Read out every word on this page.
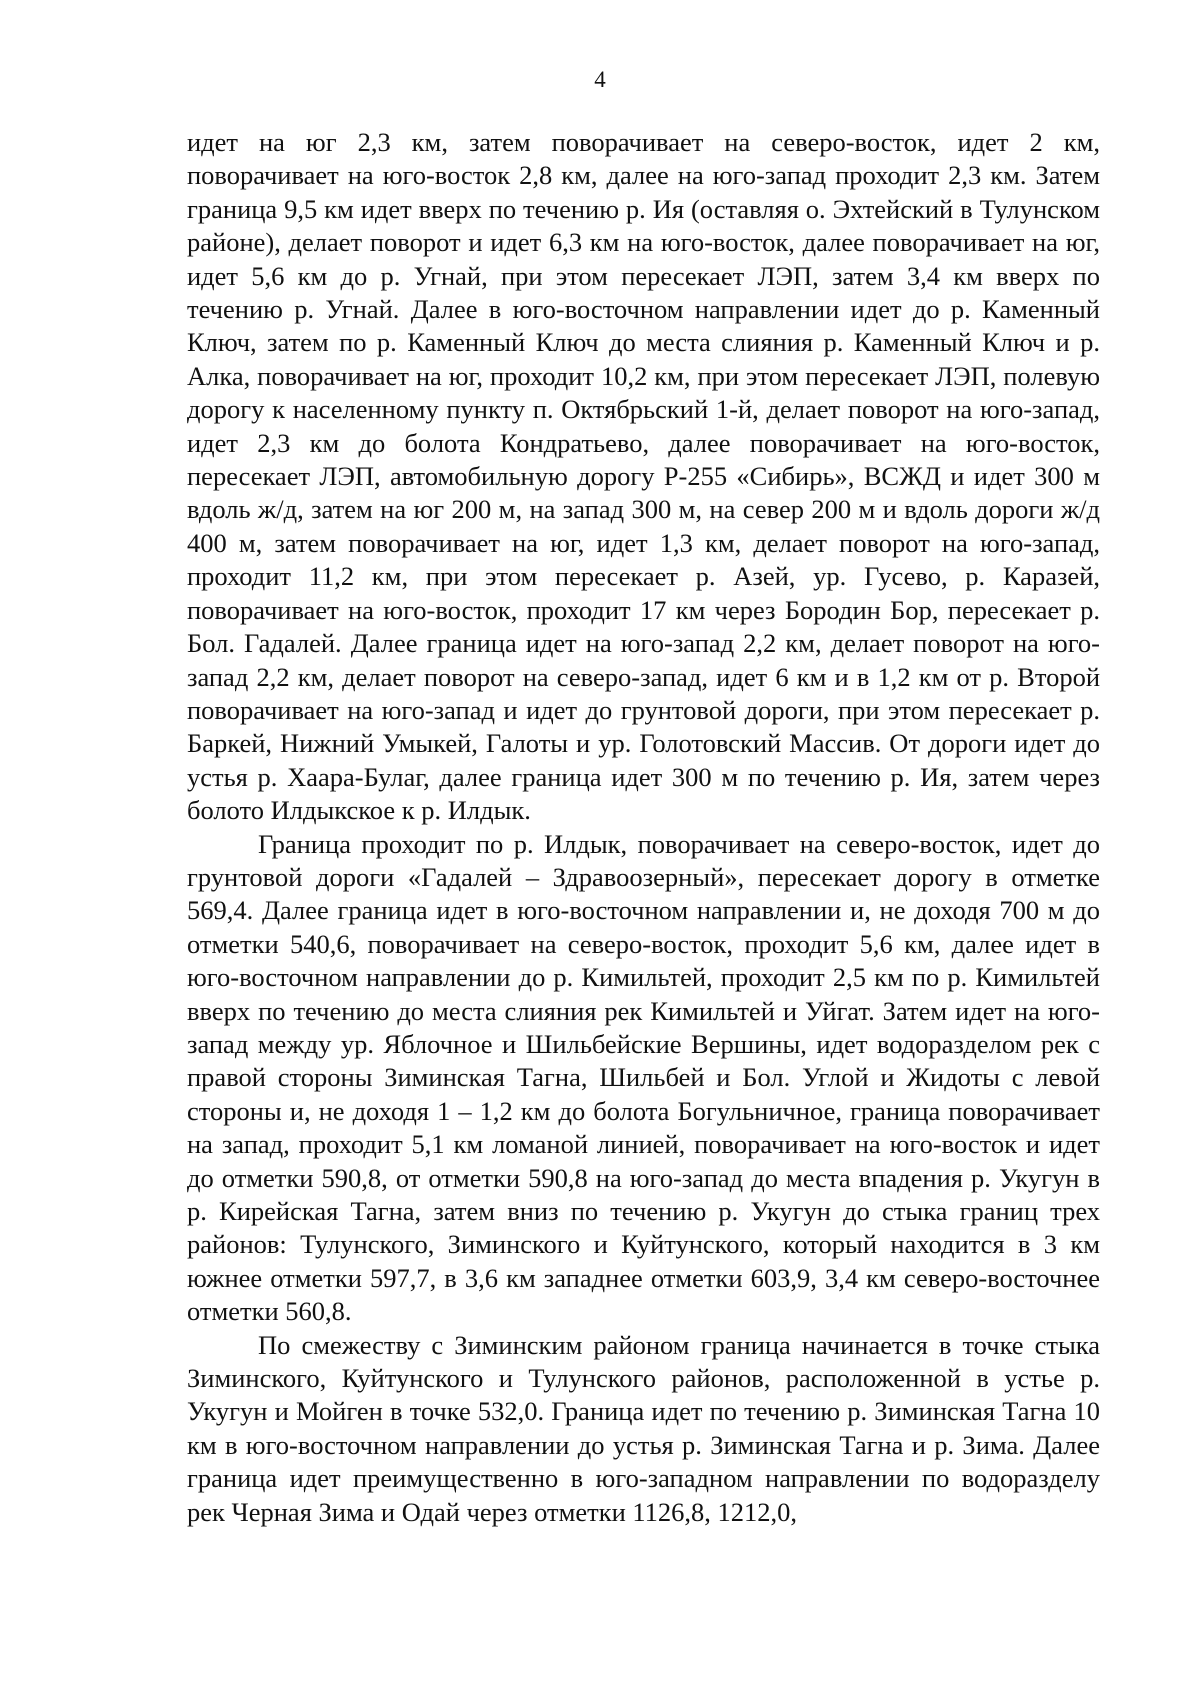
4

идет на юг 2,3 км, затем поворачивает на северо-восток, идет 2 км, поворачивает на юго-восток 2,8 км, далее на юго-запад проходит 2,3 км. Затем граница 9,5 км идет вверх по течению р. Ия (оставляя о. Эхтейский в Тулунском районе), делает поворот и идет 6,3 км на юго-восток, далее поворачивает на юг, идет 5,6 км до р. Угнай, при этом пересекает ЛЭП, затем 3,4 км вверх по течению р. Угнай. Далее в юго-восточном направлении идет до р. Каменный Ключ, затем по р. Каменный Ключ до места слияния р. Каменный Ключ и р. Алка, поворачивает на юг, проходит 10,2 км, при этом пересекает ЛЭП, полевую дорогу к населенному пункту п. Октябрьский 1-й, делает поворот на юго-запад, идет 2,3 км до болота Кондратьево, далее поворачивает на юго-восток, пересекает ЛЭП, автомобильную дорогу Р-255 «Сибирь», ВСЖД и идет 300 м вдоль ж/д, затем на юг 200 м, на запад 300 м, на север 200 м и вдоль дороги ж/д 400 м, затем поворачивает на юг, идет 1,3 км, делает поворот на юго-запад, проходит 11,2 км, при этом пересекает р. Азей, ур. Гусево, р. Каразей, поворачивает на юго-восток, проходит 17 км через Бородин Бор, пересекает р. Бол. Гадалей. Далее граница идет на юго-запад 2,2 км, делает поворот на юго-запад 2,2 км, делает поворот на северо-запад, идет 6 км и в 1,2 км от р. Второй поворачивает на юго-запад и идет до грунтовой дороги, при этом пересекает р. Баркей, Нижний Умыкей, Галоты и ур. Голотовский Массив. От дороги идет до устья р. Хаара-Булаг, далее граница идет 300 м по течению р. Ия, затем через болото Илдыкское к р. Илдык.

Граница проходит по р. Илдык, поворачивает на северо-восток, идет до грунтовой дороги «Гадалей – Здравоозерный», пересекает дорогу в отметке 569,4. Далее граница идет в юго-восточном направлении и, не доходя 700 м до отметки 540,6, поворачивает на северо-восток, проходит 5,6 км, далее идет в юго-восточном направлении до р. Кимильтей, проходит 2,5 км по р. Кимильтей вверх по течению до места слияния рек Кимильтей и Уйгат. Затем идет на юго-запад между ур. Яблочное и Шильбейские Вершины, идет водоразделом рек с правой стороны Зиминская Тагна, Шильбей и Бол. Углой и Жидоты с левой стороны и, не доходя 1 – 1,2 км до болота Богульничное, граница поворачивает на запад, проходит 5,1 км ломаной линией, поворачивает на юго-восток и идет до отметки 590,8, от отметки 590,8 на юго-запад до места впадения р. Укугун в р. Кирейская Тагна, затем вниз по течению р. Укугун до стыка границ трех районов: Тулунского, Зиминского и Куйтунского, который находится в 3 км южнее отметки 597,7, в 3,6 км западнее отметки 603,9, 3,4 км северо-восточнее отметки 560,8.

По смежеству с Зиминским районом граница начинается в точке стыка Зиминского, Куйтунского и Тулунского районов, расположенной в устье р. Укугун и Мойген в точке 532,0. Граница идет по течению р. Зиминская Тагна 10 км в юго-восточном направлении до устья р. Зиминская Тагна и р. Зима. Далее граница идет преимущественно в юго-западном направлении по водоразделу рек Черная Зима и Одай через отметки 1126,8, 1212,0,
